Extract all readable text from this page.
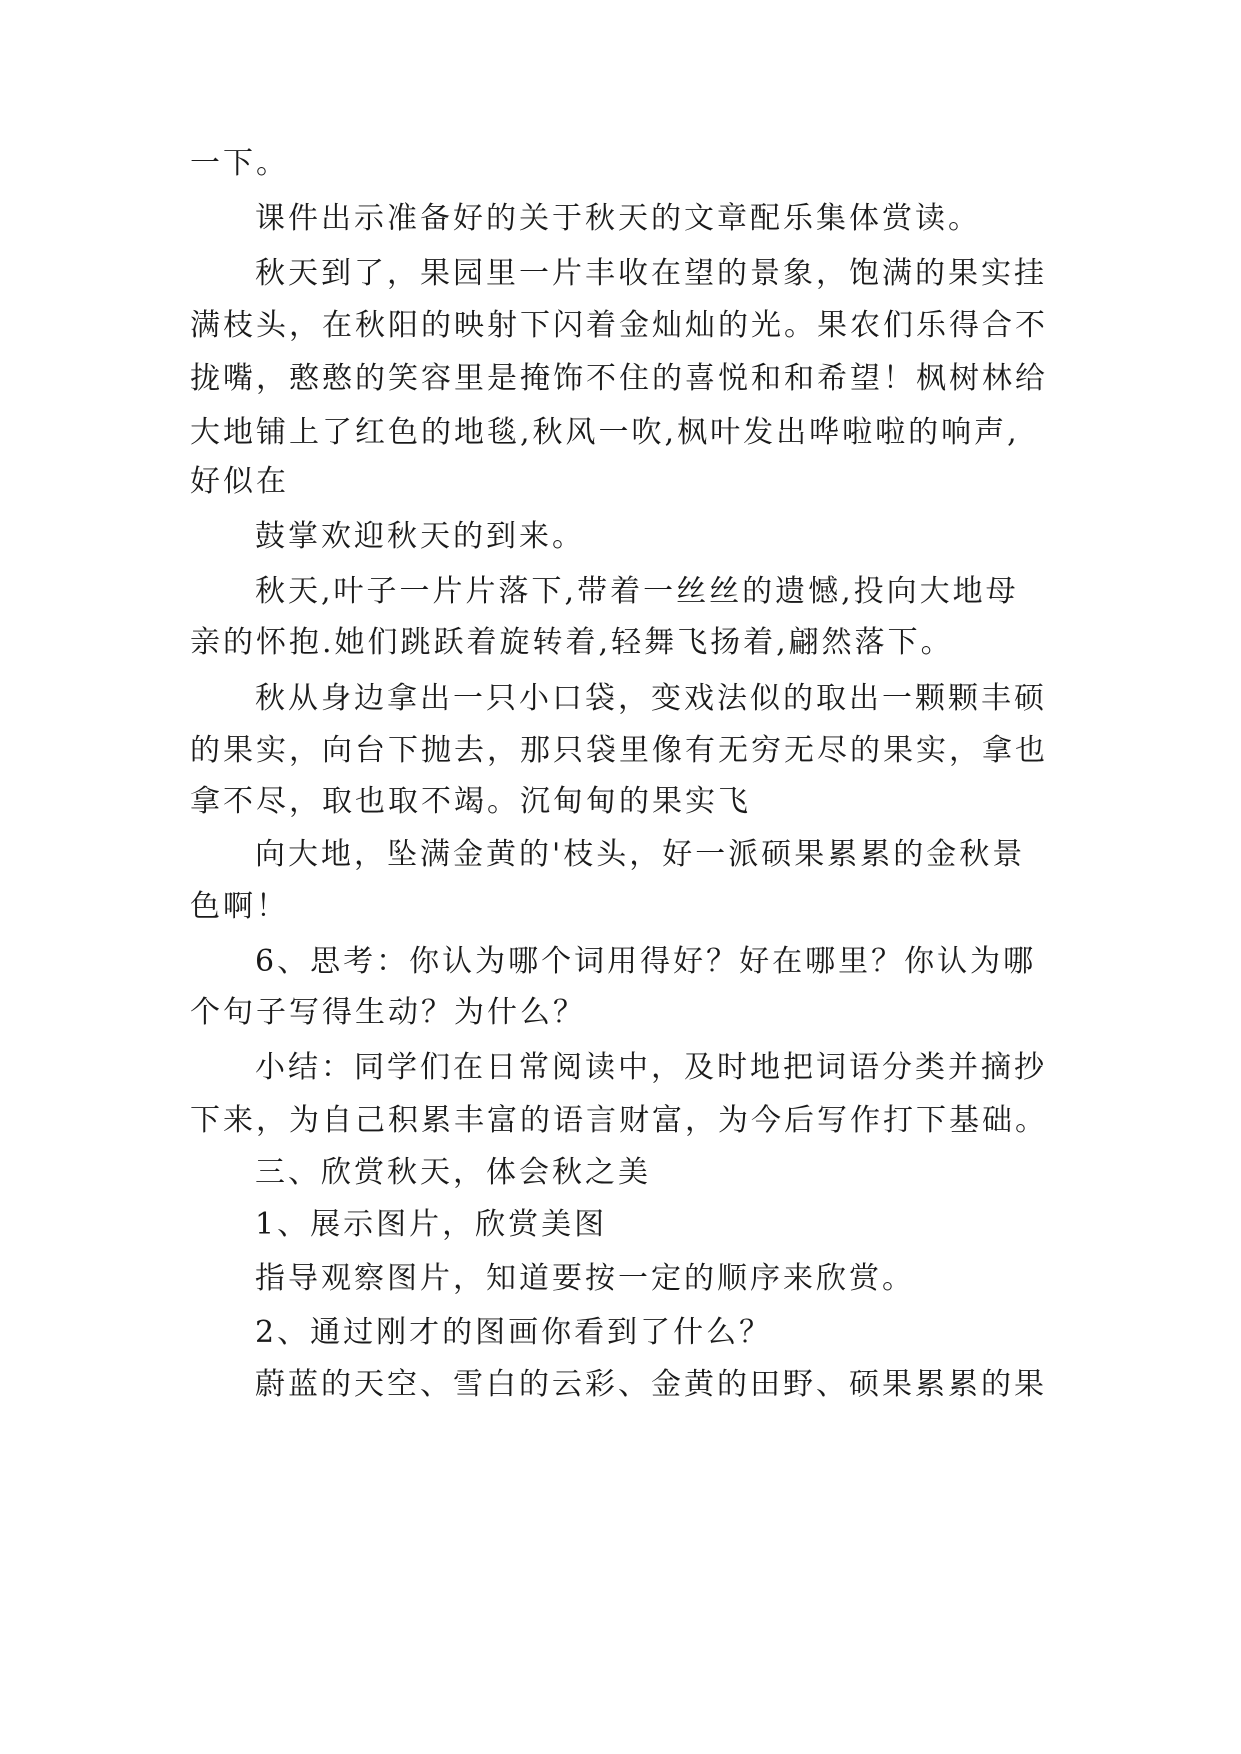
一下。

课件出示准备好的关于秋天的文章配乐集体赏读。

秋天到了，果园里一片丰收在望的景象，饱满的果实挂

满枝头，在秋阳的映射下闪着金灿灿的光。果农们乐得合不

拢嘴，憨憨的笑容里是掩饰不住的喜悦和和希望！枫树林给

大地铺上了红色的地毯,秋风一吹,枫叶发出哗啦啦的响声,

好似在

鼓掌欢迎秋天的到来。

秋天,叶子一片片落下,带着一丝丝的遗憾,投向大地母

亲的怀抱.她们跳跃着旋转着,轻舞飞扬着,翩然落下。

秋从身边拿出一只小口袋，变戏法似的取出一颗颗丰硕

的果实，向台下抛去，那只袋里像有无穷无尽的果实，拿也

拿不尽，取也取不竭。沉甸甸的果实飞

向大地，坠满金黄的'枝头，好一派硕果累累的金秋景

色啊！

6、思考：你认为哪个词用得好？好在哪里？你认为哪

个句子写得生动？为什么？

小结：同学们在日常阅读中，及时地把词语分类并摘抄

下来，为自己积累丰富的语言财富，为今后写作打下基础。

三、欣赏秋天，体会秋之美

1、展示图片，欣赏美图

指导观察图片，知道要按一定的顺序来欣赏。

2、通过刚才的图画你看到了什么？

蔚蓝的天空、雪白的云彩、金黄的田野、硕果累累的果
